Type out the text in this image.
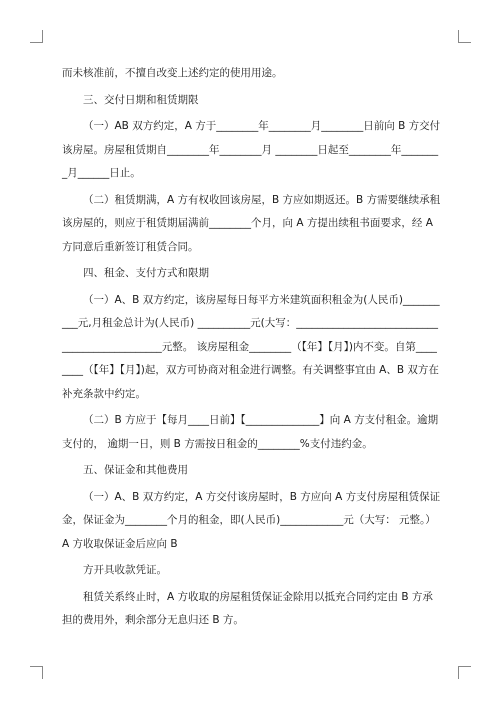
而未核准前，不擅自改变上述约定的使用用途。

三、交付日期和租赁期限

（一）AB 双方约定，A 方于________年________月________日前向 B 方交付该房屋。房屋租赁期自________年________月 ________日起至________年________月______日止。

（二）租赁期满，A 方有权收回该房屋，B 方应如期返还。B 方需要继续承租该房屋的，则应于租赁期届满前________个月，向 A 方提出续租书面要求，经 A 方同意后重新签订租赁合同。

四、租金、支付方式和限期

（一）A、B 双方约定，该房屋每日每平方米建筑面积租金为(人民币)__________元,月租金总计为(人民币) __________元(大写：______________________________________________元整。 该房屋租金________（【年】【月】)内不变。自第________（【年】【月】)起，双方可协商对租金进行调整。有关调整事宜由 A、B 双方在补充条款中约定。

（二）B 方应于【每月____日前】【______________】向 A 方支付租金。逾期支付的， 逾期一日，则 B 方需按日租金的________%支付违约金。

五、保证金和其他费用

（一）A、B 双方约定，A 方交付该房屋时，B 方应向 A 方支付房屋租赁保证金，保证金为________个月的租金，即(人民币)____________元（大写： 元整。）A 方收取保证金后应向 B

方开具收款凭证。

租赁关系终止时，A 方收取的房屋租赁保证金除用以抵充合同约定由 B 方承担的费用外，剩余部分无息归还 B 方。
